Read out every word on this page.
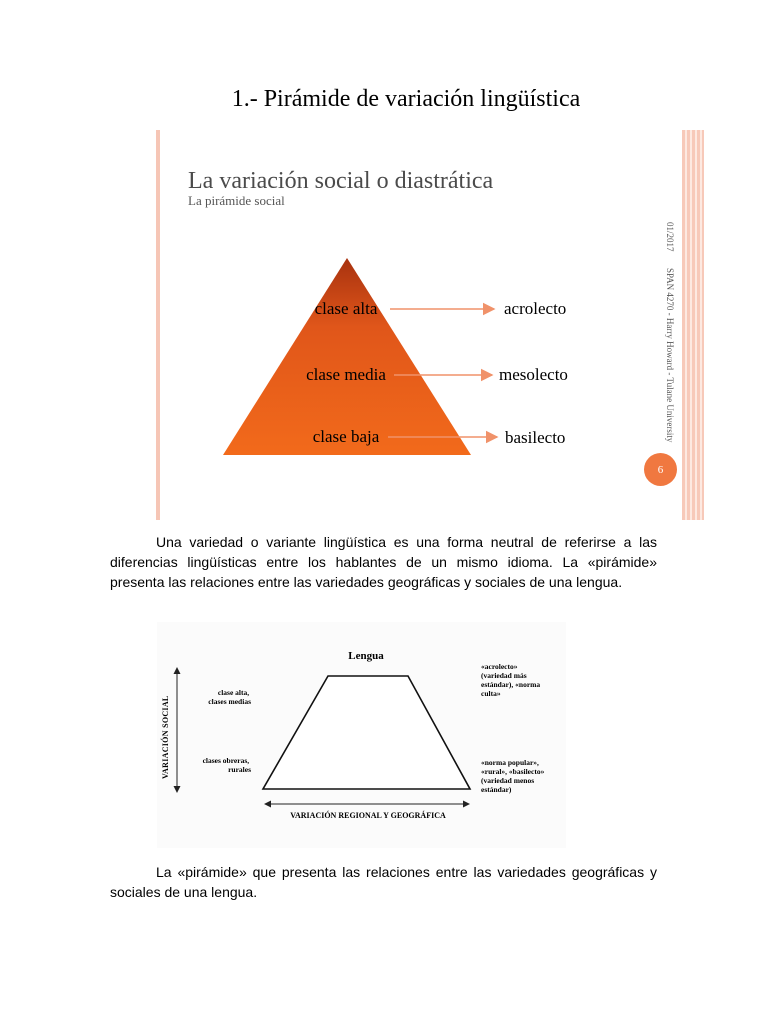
1.- Pirámide de variación lingüística
La variación social o diastrática

La pirámide social

clase alta
clase media
clase baja
acrolecto
mesolecto
basilecto
01/2017 SPAN 4270 - Harry Howard - Tulane University
6

Una variedad o variante lingüística es una forma neutral de referirse a las diferencias lingüísticas entre los hablantes de un mismo idioma. La «pirámide» presenta las relaciones entre las variedades geográficas y sociales de una lengua.

Lengua
VARIACIÓN SOCIAL
VARIACIÓN REGIONAL Y GEOGRÁFICA
clase alta, clases medias
clases obreras, rurales
«acrolecto» (variedad más estándar), «norma culta»
«norma popular», «rural», «basilecto» (variedad menos estándar)

La «pirámide» que presenta las relaciones entre las variedades geográficas y sociales de una lengua.
